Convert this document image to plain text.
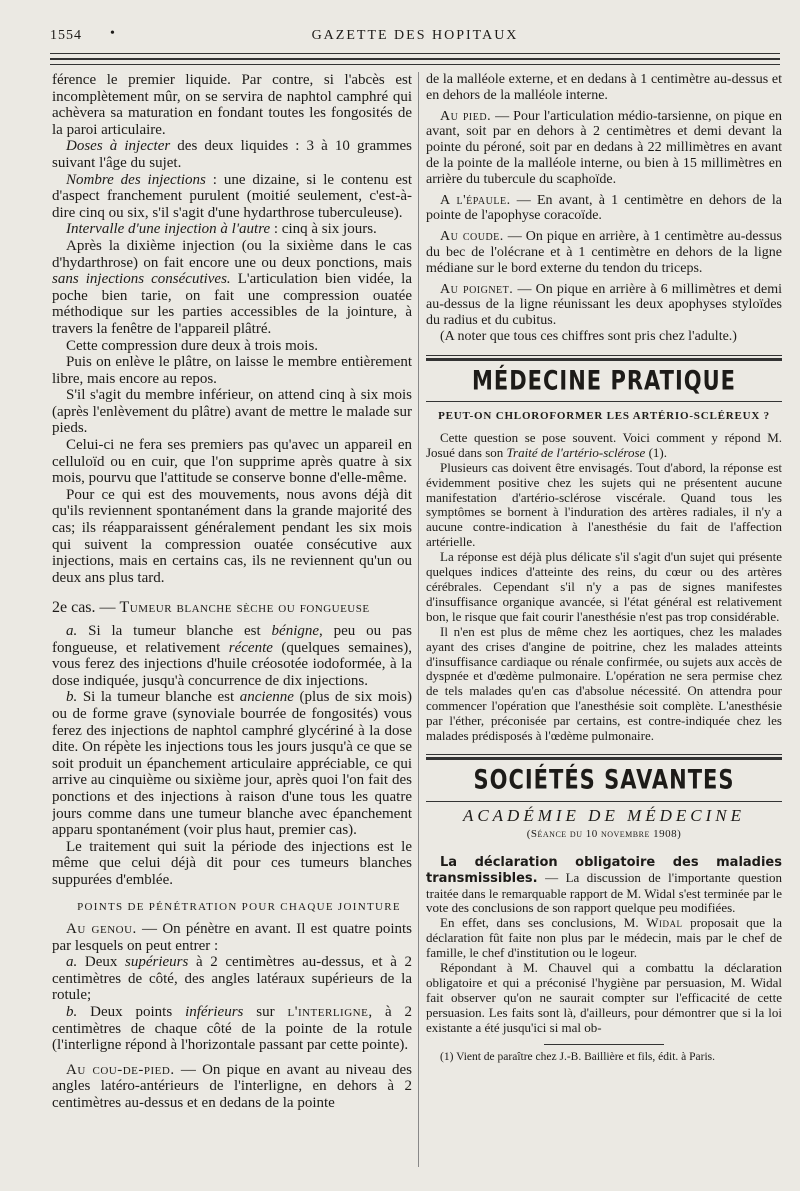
1554 •	GAZETTE DES HOPITAUX

férence le premier liquide. Par contre, si l'abcès est incomplètement mûr, on se servira de naphtol camphré qui achèvera sa maturation en fondant toutes les fongosités de la paroi articulaire.

Doses à injecter des deux liquides : 3 à 10 grammes suivant l'âge du sujet.

Nombre des injections : une dizaine, si le contenu est d'aspect franchement purulent (moitié seulement, c'est-à-dire cinq ou six, s'il s'agit d'une hydarthrose tuberculeuse).

Intervalle d'une injection à l'autre : cinq à six jours.

Après la dixième injection (ou la sixième dans le cas d'hydarthrose) on fait encore une ou deux ponctions, mais sans injections consécutives. L'articulation bien vidée, la poche bien tarie, on fait une compression ouatée méthodique sur les parties accessibles de la jointure, à travers la fenêtre de l'appareil plâtré.

Cette compression dure deux à trois mois.

Puis on enlève le plâtre, on laisse le membre entièrement libre, mais encore au repos.

S'il s'agit du membre inférieur, on attend cinq à six mois (après l'enlèvement du plâtre) avant de mettre le malade sur pieds.

Celui-ci ne fera ses premiers pas qu'avec un appareil en celluloïd ou en cuir, que l'on supprime après quatre à six mois, pourvu que l'attitude se conserve bonne d'elle-même.

Pour ce qui est des mouvements, nous avons déjà dit qu'ils reviennent spontanément dans la grande majorité des cas; ils réapparaissent généralement pendant les six mois qui suivent la compression ouatée consécutive aux injections, mais en certains cas, ils ne reviennent qu'un ou deux ans plus tard.

2e cas. — Tumeur blanche sèche ou fongueuse

a. Si la tumeur blanche est bénigne, peu ou pas fongueuse, et relativement récente (quelques semaines), vous ferez des injections d'huile créosotée iodoformée, à la dose indiquée, jusqu'à concurrence de dix injections.

b. Si la tumeur blanche est ancienne (plus de six mois) ou de forme grave (synoviale bourrée de fongosités) vous ferez des injections de naphtol camphré glycériné à la dose dite. On répète les injections tous les jours jusqu'à ce que se soit produit un épanchement articulaire appréciable, ce qui arrive au cinquième ou sixième jour, après quoi l'on fait des ponctions et des injections à raison d'une tous les quatre jours comme dans une tumeur blanche avec épanchement apparu spontanément (voir plus haut, premier cas).

Le traitement qui suit la période des injections est le même que celui déjà dit pour ces tumeurs blanches suppurées d'emblée.

POINTS DE PÉNÉTRATION POUR CHAQUE JOINTURE

Au genou. — On pénètre en avant. Il est quatre points par lesquels on peut entrer :

a. Deux supérieurs à 2 centimètres au-dessus, et à 2 centimètres de côté, des angles latéraux supérieurs de la rotule;

b. Deux points inférieurs sur l'interligne, à 2 centimètres de chaque côté de la pointe de la rotule (l'interligne répond à l'horizontale passant par cette pointe).

Au cou-de-pied. — On pique en avant au niveau des angles latéro-antérieurs de l'interligne, en dehors à 2 centimètres au-dessus et en dedans de la pointe

de la malléole externe, et en dedans à 1 centimètre au-dessus et en dehors de la malléole interne.

Au pied. — Pour l'articulation médio-tarsienne, on pique en avant, soit par en dehors à 2 centimètres et demi devant la pointe du péroné, soit par en dedans à 22 millimètres en avant de la pointe de la malléole interne, ou bien à 15 millimètres en arrière du tubercule du scaphoïde.

A l'épaule. — En avant, à 1 centimètre en dehors de la pointe de l'apophyse coracoïde.

Au coude. — On pique en arrière, à 1 centimètre au-dessus du bec de l'olécrane et à 1 centimètre en dehors de la ligne médiane sur le bord externe du tendon du triceps.

Au poignet. — On pique en arrière à 6 millimètres et demi au-dessus de la ligne réunissant les deux apophyses styloïdes du radius et du cubitus.

(A noter que tous ces chiffres sont pris chez l'adulte.)

MÉDECINE PRATIQUE
PEUT-ON CHLOROFORMER LES ARTÉRIO-SCLÉREUX ?

Cette question se pose souvent. Voici comment y répond M. Josué dans son Traité de l'artério-sclérose (1).

Plusieurs cas doivent être envisagés. Tout d'abord, la réponse est évidemment positive chez les sujets qui ne présentent aucune manifestation d'artério-sclérose viscérale. Quand tous les symptômes se bornent à l'induration des artères radiales, il n'y a aucune contre-indication à l'anesthésie du fait de l'affection artérielle.

La réponse est déjà plus délicate s'il s'agit d'un sujet qui présente quelques indices d'atteinte des reins, du cœur ou des artères cérébrales. Cependant s'il n'y a pas de signes manifestes d'insuffisance organique avancée, si l'état général est relativement bon, le risque que fait courir l'anesthésie n'est pas trop considérable.

Il n'en est plus de même chez les aortiques, chez les malades ayant des crises d'angine de poitrine, chez les malades atteints d'insuffisance cardiaque ou rénale confirmée, ou sujets aux accès de dyspnée et d'œdème pulmonaire. L'opération ne sera permise chez de tels malades qu'en cas d'absolue nécessité. On attendra pour commencer l'opération que l'anesthésie soit complète. L'anesthésie par l'éther, préconisée par certains, est contre-indiquée chez les malades prédisposés à l'œdème pulmonaire.

SOCIÉTÉS SAVANTES
ACADÉMIE DE MÉDECINE
(Séance du 10 novembre 1908)

La déclaration obligatoire des maladies transmissibles. — La discussion de l'importante question traitée dans le remarquable rapport de M. Widal s'est terminée par le vote des conclusions de son rapport quelque peu modifiées.

En effet, dans ses conclusions, M. Widal proposait que la déclaration fût faite non plus par le médecin, mais par le chef de famille, le chef d'institution ou le logeur.

Répondant à M. Chauvel qui a combattu la déclaration obligatoire et qui a préconisé l'hygiène par persuasion, M. Widal fait observer qu'on ne saurait compter sur l'efficacité de cette persuasion. Les faits sont là, d'ailleurs, pour démontrer que si la loi existante a été jusqu'ici si mal ob-

(1) Vient de paraître chez J.-B. Baillière et fils, édit. à Paris.
